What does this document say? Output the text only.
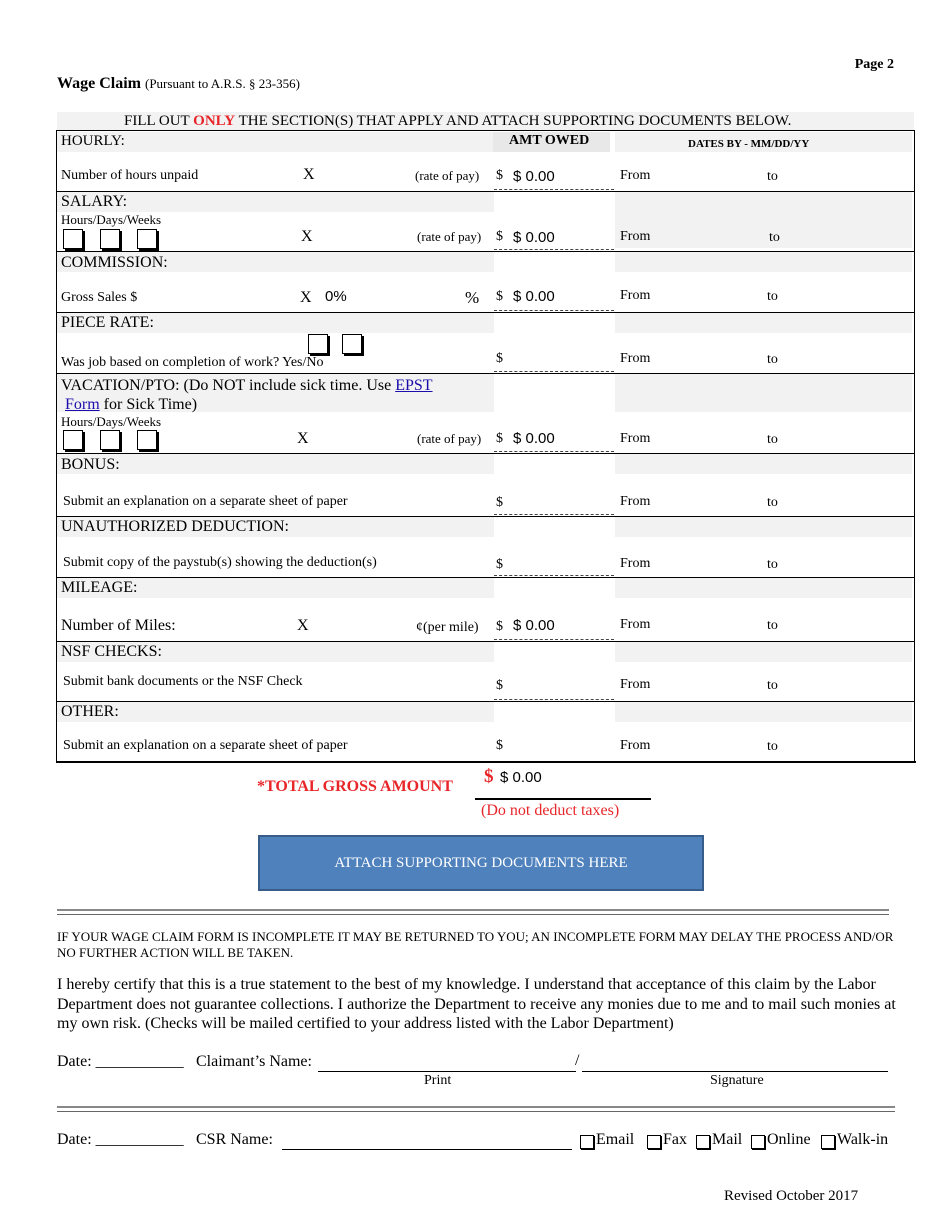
Page 2
Wage Claim (Pursuant to A.R.S. § 23-356)
FILL OUT ONLY THE SECTION(S) THAT APPLY AND ATTACH SUPPORTING DOCUMENTS BELOW.
HOURLY:	AMT OWED	DATES BY - MM/DD/YY
Number of hours unpaid	X	(rate of pay) $ $ 0.00	From	to
SALARY:
Hours/Days/Weeks
X	(rate of pay) $ $ 0.00	From	to
COMMISSION:
Gross Sales $	X 0%	% $ $ 0.00	From	to
PIECE RATE:
Was job based on completion of work? Yes/No	$	From	to
VACATION/PTO: (Do NOT include sick time. Use EPST
Form for Sick Time)
Hours/Days/Weeks
X	(rate of pay) $ $ 0.00	From	to
BONUS:
Submit an explanation on a separate sheet of paper	$	From	to
UNAUTHORIZED DEDUCTION:
Submit copy of the paystub(s) showing the deduction(s)	$	From	to
MILEAGE:
Number of Miles:	X	¢(per mile) $ $ 0.00	From	to
NSF CHECKS:
Submit bank documents or the NSF Check	$	From	to
OTHER:
Submit an explanation on a separate sheet of paper	$	From	to
*TOTAL GROSS AMOUNT $ $ 0.00
(Do not deduct taxes)
ATTACH SUPPORTING DOCUMENTS HERE
IF YOUR WAGE CLAIM FORM IS INCOMPLETE IT MAY BE RETURNED TO YOU; AN INCOMPLETE FORM MAY DELAY THE PROCESS AND/OR NO FURTHER ACTION WILL BE TAKEN.
I hereby certify that this is a true statement to the best of my knowledge. I understand that acceptance of this claim by the Labor Department does not guarantee collections. I authorize the Department to receive any monies due to me and to mail such monies at my own risk. (Checks will be mailed certified to your address listed with the Labor Department)
Date: ___________ Claimant’s Name:	/
Print	Signature
Date: ___________ CSR Name:	Email Fax Mail Online Walk-in
Revised October 2017
